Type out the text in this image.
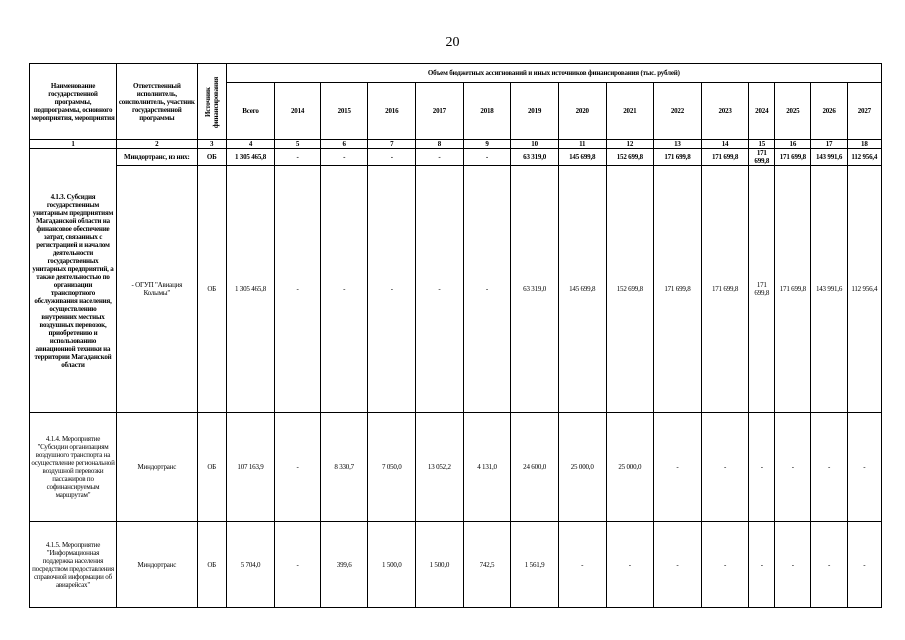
20
Наименование государственной программы, подпрограммы, основного мероприятия, мероприятия	Ответственный исполнитель, соисполнитель, участник государственной программы	Источник финансирования	Объем бюджетных ассигнований и иных источников финансирования (тыс. рублей)														
			Всего	2014	2015	2016	2017	2018	2019	2020	2021	2022	2023	2024	2025	2026	2027
1	2	3	4	5	6	7	8	9	10	11	12	13	14	15	16	17	18
4.1.3. Субсидия государственным унитарным предприятиям Магаданской области на финансовое обеспечение затрат, связанных с регистрацией и началом деятельности государственных унитарных предприятий, а также деятельностью по организации транспортного обслуживания населения, осуществлению внутренних местных воздушных перевозок, приобретению и использованию авиационной техники на территории Магаданской области	Миндортранс, из них:	ОБ	1 305 465,8	-	-	-	-	-	63 319,0	145 699,8	152 699,8	171 699,8	171 699,8	171 699,8	171 699,8	143 991,6	112 956,4
	- ОГУП "Авиация Колымы"	ОБ	1 305 465,8	-	-	-	-	-	63 319,0	145 699,8	152 699,8	171 699,8	171 699,8	171 699,8	171 699,8	143 991,6	112 956,4
4.1.4. Мероприятие "Субсидии организациям воздушного транспорта на осуществление региональной воздушной перевозки пассажиров по софинансируемым маршрутам"	Миндортранс	ОБ	107 163,9	-	8 330,7	7 050,0	13 052,2	4 131,0	24 600,0	25 000,0	25 000,0	-	-	-	-	-	-
4.1.5. Мероприятие "Информационная поддержка населения посредством предоставления справочной информации об авиарейсах"	Миндортранс	ОБ	5 704,0	-	399,6	1 500,0	1 500,0	742,5	1 561,9	-	-	-	-	-	-	-	-
